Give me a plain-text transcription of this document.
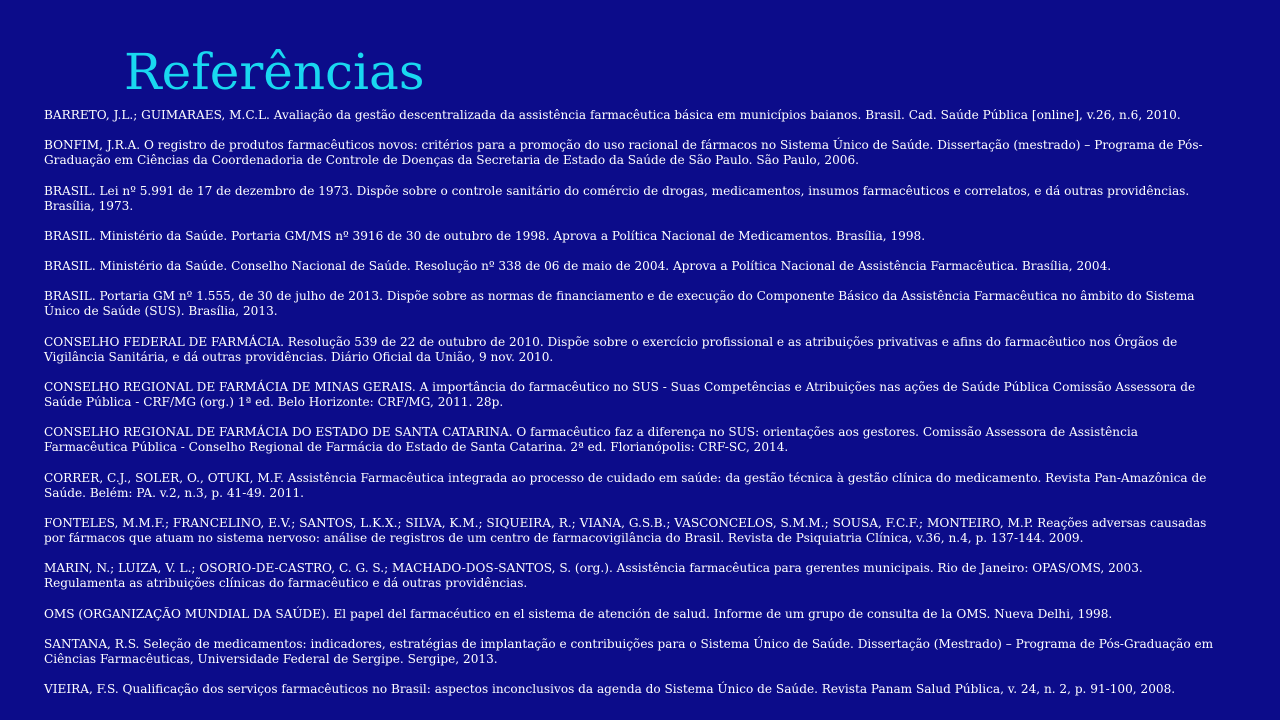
Referências
BARRETO, J.L.; GUIMARAES, M.C.L. Avaliação da gestão descentralizada da assistência farmacêutica básica em municípios baianos. Brasil. Cad. Saúde Pública [online], v.26, n.6, 2010.
BONFIM, J.R.A. O registro de produtos farmacêuticos novos: critérios para a promoção do uso racional de fármacos no Sistema Único de Saúde. Dissertação (mestrado) – Programa de Pós-Graduação em Ciências da Coordenadoria de Controle de Doenças da Secretaria de Estado da Saúde de São Paulo. São Paulo, 2006.
BRASIL. Lei nº 5.991 de 17 de dezembro de 1973. Dispõe sobre o controle sanitário do comércio de drogas, medicamentos, insumos farmacêuticos e correlatos, e dá outras providências. Brasília, 1973.
BRASIL. Ministério da Saúde. Portaria GM/MS nº 3916 de 30 de outubro de 1998. Aprova a Política Nacional de Medicamentos. Brasília, 1998.
BRASIL. Ministério da Saúde. Conselho Nacional de Saúde. Resolução nº 338 de 06 de maio de 2004. Aprova a Política Nacional de Assistência Farmacêutica. Brasília, 2004.
BRASIL. Portaria GM nº 1.555, de 30 de julho de 2013. Dispõe sobre as normas de financiamento e de execução do Componente Básico da Assistência Farmacêutica no âmbito do Sistema Único de Saúde (SUS). Brasília, 2013.
CONSELHO FEDERAL DE FARMÁCIA. Resolução 539 de 22 de outubro de 2010. Dispõe sobre o exercício profissional e as atribuições privativas e afins do farmacêutico nos Órgãos de Vigilância Sanitária, e dá outras providências. Diário Oficial da União, 9 nov. 2010.
CONSELHO REGIONAL DE FARMÁCIA DE MINAS GERAIS. A importância do farmacêutico no SUS - Suas Competências e Atribuições nas ações de Saúde Pública Comissão Assessora de Saúde Pública - CRF/MG (org.) 1ª ed. Belo Horizonte: CRF/MG, 2011. 28p.
CONSELHO REGIONAL DE FARMÁCIA DO ESTADO DE SANTA CATARINA. O farmacêutico faz a diferença no SUS: orientações aos gestores. Comissão Assessora de Assistência Farmacêutica Pública - Conselho Regional de Farmácia do Estado de Santa Catarina. 2ª ed. Florianópolis: CRF-SC, 2014.
CORRER, C.J., SOLER, O., OTUKI, M.F. Assistência Farmacêutica integrada ao processo de cuidado em saúde: da gestão técnica à gestão clínica do medicamento. Revista Pan-Amazônica de Saúde. Belém: PA. v.2, n.3, p. 41-49. 2011.
FONTELES, M.M.F.; FRANCELINO, E.V.; SANTOS, L.K.X.; SILVA, K.M.; SIQUEIRA, R.; VIANA, G.S.B.; VASCONCELOS, S.M.M.; SOUSA, F.C.F.; MONTEIRO, M.P. Reações adversas causadas por fármacos que atuam no sistema nervoso: análise de registros de um centro de farmacovigilância do Brasil. Revista de Psiquiatria Clínica, v.36, n.4, p. 137-144. 2009.
MARIN, N.; LUIZA, V. L.; OSORIO-DE-CASTRO, C. G. S.; MACHADO-DOS-SANTOS, S. (org.). Assistência farmacêutica para gerentes municipais. Rio de Janeiro: OPAS/OMS, 2003. Regulamenta as atribuições clínicas do farmacêutico e dá outras providências.
OMS (ORGANIZAÇÃO MUNDIAL DA SAÚDE). El papel del farmacéutico en el sistema de atención de salud. Informe de um grupo de consulta de la OMS. Nueva Delhi, 1998.
SANTANA, R.S. Seleção de medicamentos: indicadores, estratégias de implantação e contribuições para o Sistema Único de Saúde. Dissertação (Mestrado) – Programa de Pós-Graduação em Ciências Farmacêuticas, Universidade Federal de Sergipe. Sergipe, 2013.
VIEIRA, F.S. Qualificação dos serviços farmacêuticos no Brasil: aspectos inconclusivos da agenda do Sistema Único de Saúde. Revista Panam Salud Pública, v. 24, n. 2, p. 91-100, 2008.
